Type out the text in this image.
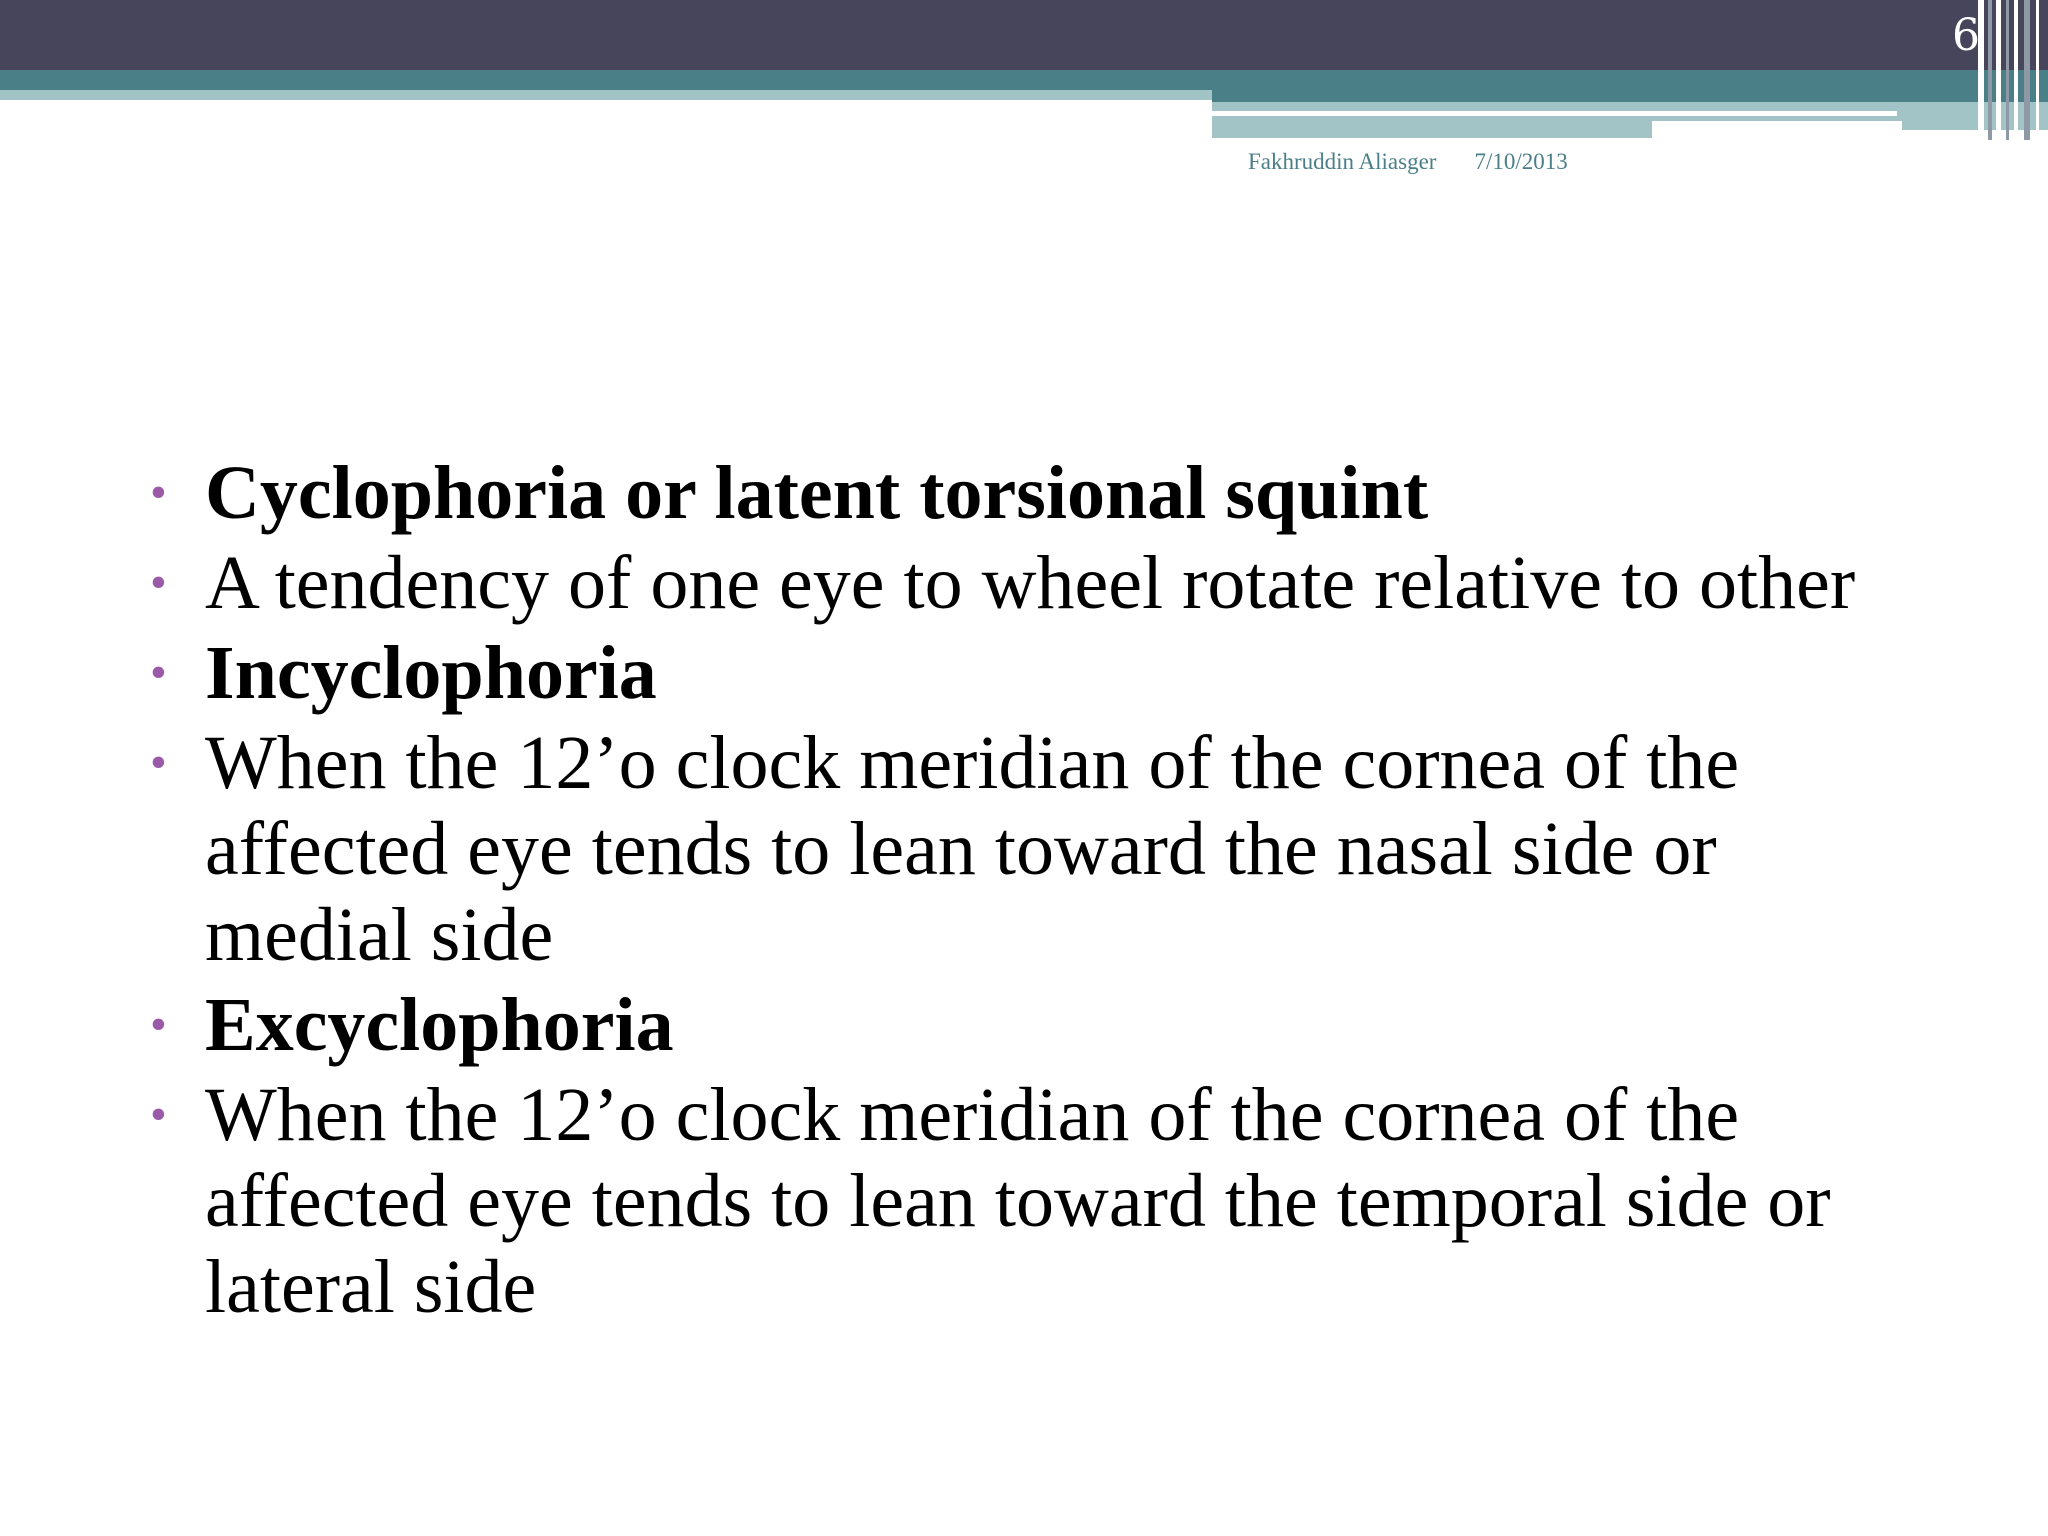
6
Fakhruddin Aliasger 7/10/2013
• Cyclophoria or latent torsional squint
• A tendency of one eye to wheel rotate relative to other
• Incyclophoria
• When the 12’o clock meridian of the cornea of the affected eye tends to lean toward the nasal side or medial side
• Excyclophoria
• When the 12’o clock meridian of the cornea of the affected eye tends to lean toward the temporal side or lateral side
